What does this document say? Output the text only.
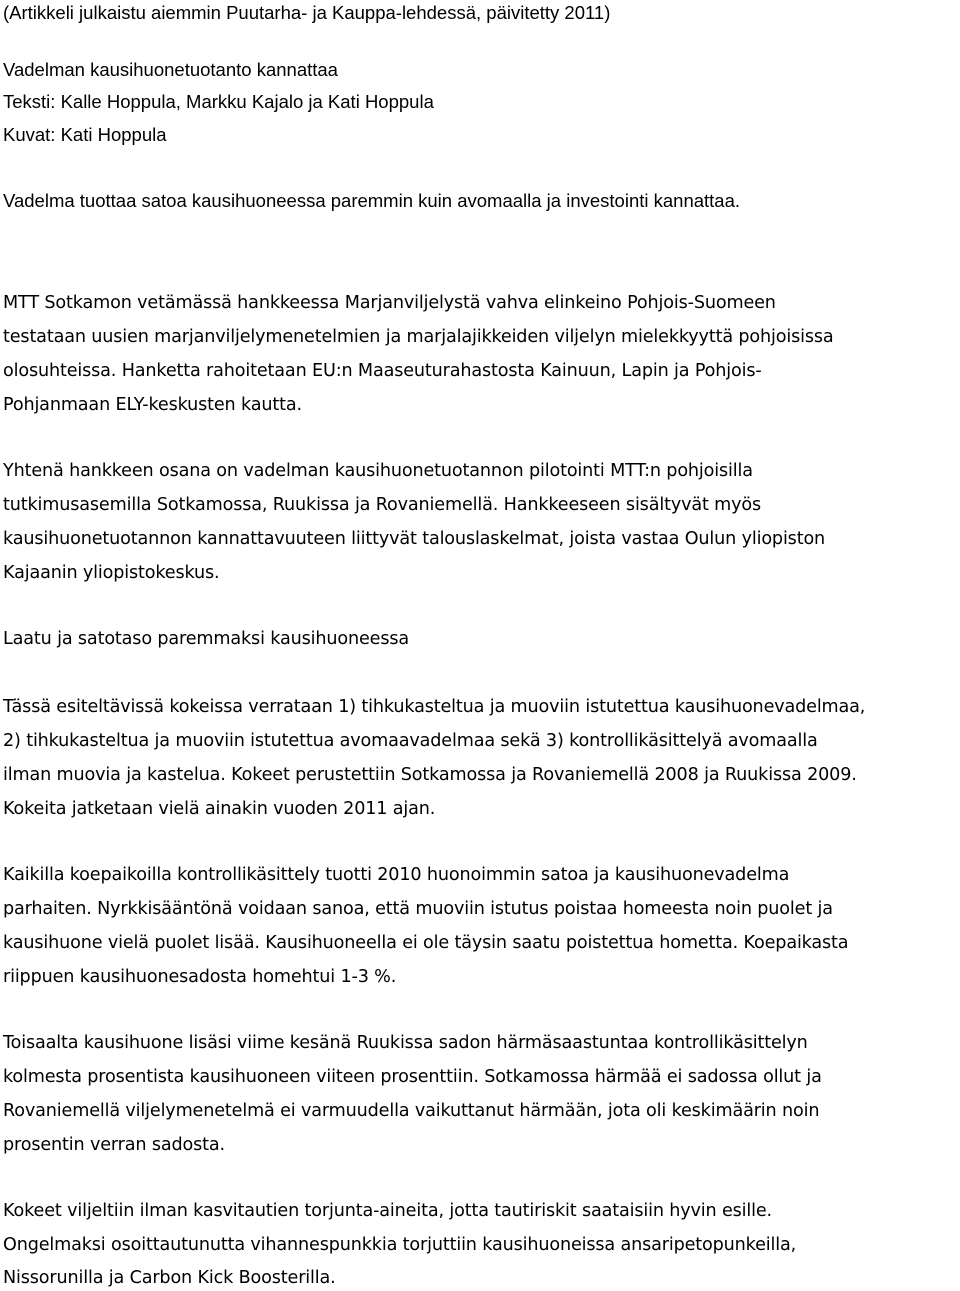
(Artikkeli julkaistu aiemmin Puutarha- ja Kauppa-lehdessä, päivitetty 2011)
Vadelman kausihuonetuotanto kannattaa
Teksti: Kalle Hoppula, Markku Kajalo ja Kati Hoppula
Kuvat: Kati Hoppula
Vadelma tuottaa satoa kausihuoneessa paremmin kuin avomaalla ja investointi kannattaa.
MTT Sotkamon vetämässä hankkeessa Marjanviljelystä vahva elinkeino Pohjois-Suomeen
testataan uusien marjanviljelymenetelmien ja marjalajikkeiden viljelyn mielekkyyttä pohjoisissa
olosuhteissa. Hanketta rahoitetaan EU:n Maaseuturahastosta Kainuun, Lapin ja Pohjois-
Pohjanmaan ELY-keskusten kautta.
Yhtenä hankkeen osana on vadelman kausihuonetuotannon pilotointi MTT:n pohjoisilla
tutkimusasemilla Sotkamossa, Ruukissa ja Rovaniemellä. Hankkeeseen sisältyvät myös
kausihuonetuotannon kannattavuuteen liittyvät talouslaskelmat, joista vastaa Oulun yliopiston
Kajaanin yliopistokeskus.
Laatu ja satotaso paremmaksi kausihuoneessa
Tässä esiteltävissä kokeissa verrataan 1) tihkukasteltua ja muoviin istutettua kausihuonevadelmaa,
2) tihkukasteltua ja muoviin istutettua avomaavadelmaa sekä 3) kontrollikäsittelyä avomaalla
ilman muovia ja kastelua. Kokeet perustettiin Sotkamossa ja Rovaniemellä 2008 ja Ruukissa 2009.
Kokeita jatketaan vielä ainakin vuoden 2011 ajan.
Kaikilla koepaikoilla kontrollikäsittely tuotti 2010 huonoimmin satoa ja kausihuonevadelma
parhaiten. Nyrkkisääntönä voidaan sanoa, että muoviin istutus poistaa homeesta noin puolet ja
kausihuone vielä puolet lisää. Kausihuoneella ei ole täysin saatu poistettua hometta. Koepaikasta
riippuen kausihuonesadosta homehtui 1-3 %.
Toisaalta kausihuone lisäsi viime kesänä Ruukissa sadon härmäsaastuntaa kontrollikäsittelyn
kolmesta prosentista kausihuoneen viiteen prosenttiin. Sotkamossa härmää ei sadossa ollut ja
Rovaniemellä viljelymenetelmä ei varmuudella vaikuttanut härmään, jota oli keskimäärin noin
prosentin verran sadosta.
Kokeet viljeltiin ilman kasvitautien torjunta-aineita, jotta tautiriskit saataisiin hyvin esille.
Ongelmaksi osoittautunutta vihannespunkkia torjuttiin kausihuoneissa ansaripetopunkeilla,
Nissorunilla ja Carbon Kick Boosterilla.
